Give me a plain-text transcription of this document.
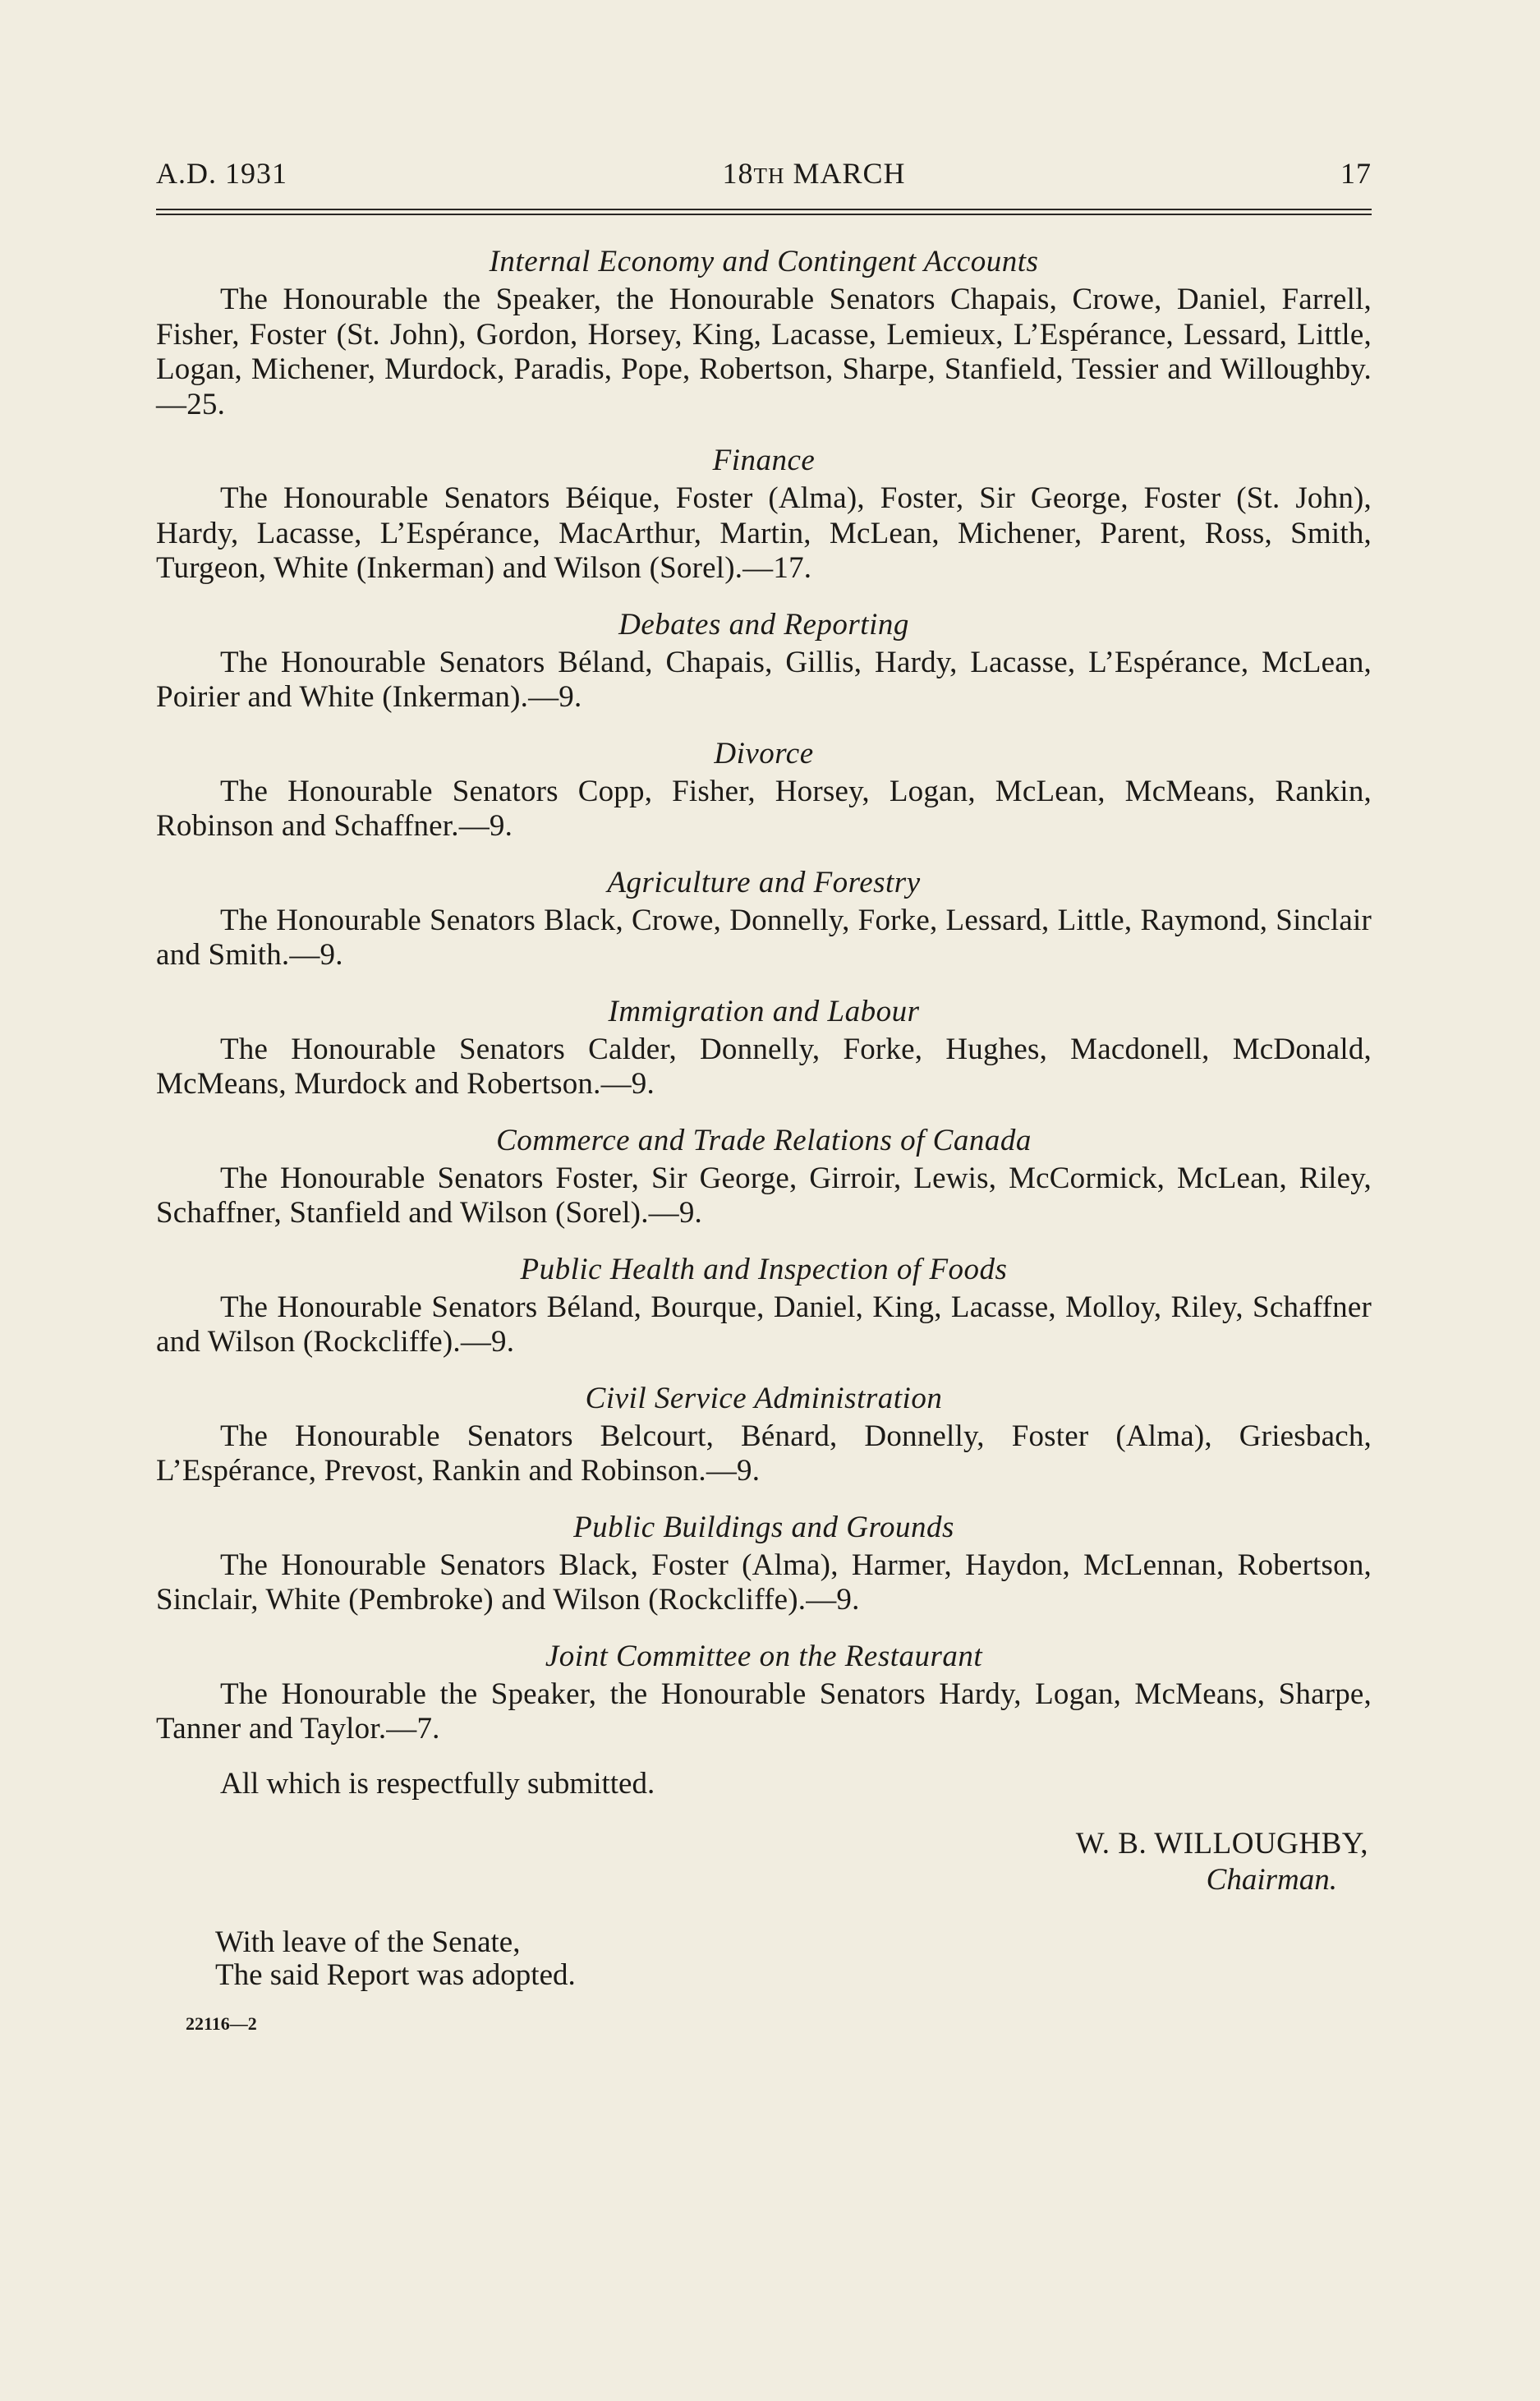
A.D. 1931	18TH MARCH	17
Internal Economy and Contingent Accounts

The Honourable the Speaker, the Honourable Senators Chapais, Crowe, Daniel, Farrell, Fisher, Foster (St. John), Gordon, Horsey, King, Lacasse, Lemieux, L’Espérance, Lessard, Little, Logan, Michener, Murdock, Paradis, Pope, Robertson, Sharpe, Stanfield, Tessier and Willoughby.—25.

Finance

The Honourable Senators Béique, Foster (Alma), Foster, Sir George, Foster (St. John), Hardy, Lacasse, L’Espérance, MacArthur, Martin, McLean, Michener, Parent, Ross, Smith, Turgeon, White (Inkerman) and Wilson (Sorel).—17.

Debates and Reporting

The Honourable Senators Béland, Chapais, Gillis, Hardy, Lacasse, L’Espérance, McLean, Poirier and White (Inkerman).—9.

Divorce

The Honourable Senators Copp, Fisher, Horsey, Logan, McLean, McMeans, Rankin, Robinson and Schaffner.—9.

Agriculture and Forestry

The Honourable Senators Black, Crowe, Donnelly, Forke, Lessard, Little, Raymond, Sinclair and Smith.—9.

Immigration and Labour

The Honourable Senators Calder, Donnelly, Forke, Hughes, Macdonell, McDonald, McMeans, Murdock and Robertson.—9.

Commerce and Trade Relations of Canada

The Honourable Senators Foster, Sir George, Girroir, Lewis, McCormick, McLean, Riley, Schaffner, Stanfield and Wilson (Sorel).—9.

Public Health and Inspection of Foods

The Honourable Senators Béland, Bourque, Daniel, King, Lacasse, Molloy, Riley, Schaffner and Wilson (Rockcliffe).—9.

Civil Service Administration

The Honourable Senators Belcourt, Bénard, Donnelly, Foster (Alma), Griesbach, L’Espérance, Prevost, Rankin and Robinson.—9.

Public Buildings and Grounds

The Honourable Senators Black, Foster (Alma), Harmer, Haydon, McLennan, Robertson, Sinclair, White (Pembroke) and Wilson (Rockcliffe).—9.

Joint Committee on the Restaurant

The Honourable the Speaker, the Honourable Senators Hardy, Logan, McMeans, Sharpe, Tanner and Taylor.—7.

All which is respectfully submitted.
W. B. WILLOUGHBY,
Chairman.
With leave of the Senate,
The said Report was adopted.
22116—2
